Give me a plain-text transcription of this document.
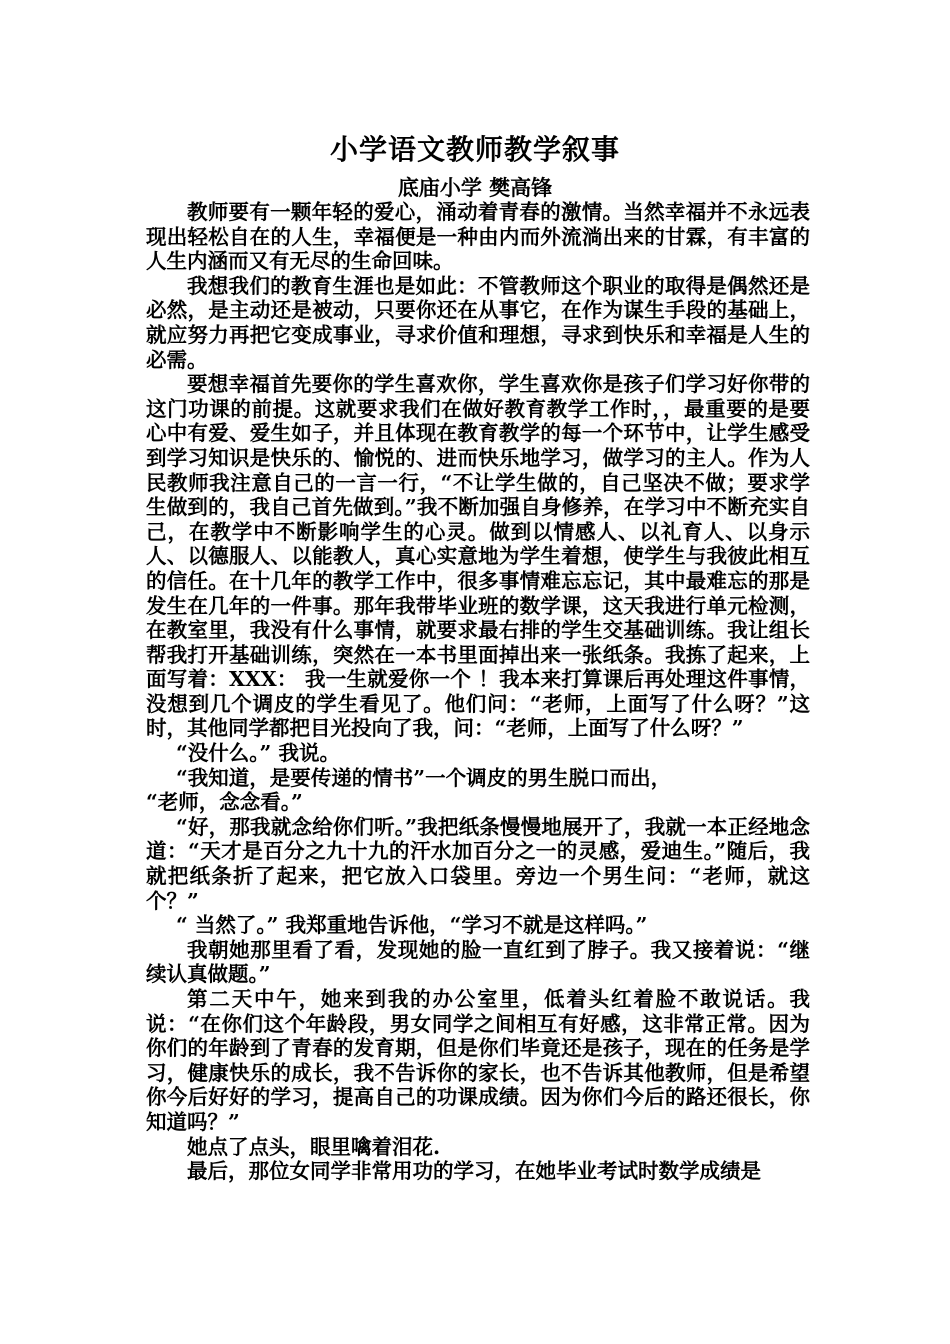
小学语文教师教学叙事
底庙小学 樊高锋

教师要有一颗年轻的爱心，涌动着青春的激情。当然幸福并不永远表现出轻松自在的人生，幸福便是一种由内而外流淌出来的甘霖，有丰富的人生内涵而又有无尽的生命回味。

我想我们的教育生涯也是如此：不管教师这个职业的取得是偶然还是必然，是主动还是被动，只要你还在从事它，在作为谋生手段的基础上，就应努力再把它变成事业，寻求价值和理想，寻求到快乐和幸福是人生的必需。

要想幸福首先要你的学生喜欢你，学生喜欢你是孩子们学习好你带的这门功课的前提。这就要求我们在做好教育教学工作时，，最重要的是要心中有爱、爱生如子，并且体现在教育教学的每一个环节中，让学生感受到学习知识是快乐的、愉悦的、进而快乐地学习，做学习的主人。作为人民教师我注意自己的一言一行，“不让学生做的，自己坚决不做；要求学生做到的，我自己首先做到。”我不断加强自身修养，在学习中不断充实自己，在教学中不断影响学生的心灵。做到以情感人、以礼育人、以身示人、以德服人、以能教人，真心实意地为学生着想，使学生与我彼此相互的信任。在十几年的教学工作中，很多事情难忘忘记，其中最难忘的那是发生在几年的一件事。那年我带毕业班的数学课，这天我进行单元检测，在教室里，我没有什么事情，就要求最右排的学生交基础训练。我让组长帮我打开基础训练，突然在一本书里面掉出来一张纸条。我拣了起来，上面写着：XXX： 我一生就爱你一个 ！我本来打算课后再处理这件事情，没想到几个调皮的学生看见了。他们问：“老师，上面写了什么呀？”这时，其他同学都把目光投向了我，问：“老师，上面写了什么呀？”

“没什么。” 我说。

“我知道，是要传递的情书”一个调皮的男生脱口而出，

“老师，念念看。”

“好，那我就念给你们听。”我把纸条慢慢地展开了，我就一本正经地念道：“天才是百分之九十九的汗水加百分之一的灵感，爱迪生。”随后，我就把纸条折了起来，把它放入口袋里。旁边一个男生问：“老师，就这个？”

“ 当然了。” 我郑重地告诉他，“学习不就是这样吗。”

我朝她那里看了看，发现她的脸一直红到了脖子。我又接着说：“继续认真做题。”

第二天中午，她来到我的办公室里，低着头红着脸不敢说话。我说：“在你们这个年龄段，男女同学之间相互有好感，这非常正常。因为你们的年龄到了青春的发育期，但是你们毕竟还是孩子，现在的任务是学习，健康快乐的成长，我不告诉你的家长，也不告诉其他教师，但是希望你今后好好的学习，提高自己的功课成绩。因为你们今后的路还很长，你知道吗？”

她点了点头，眼里噙着泪花.

最后，那位女同学非常用功的学习，在她毕业考试时数学成绩是
